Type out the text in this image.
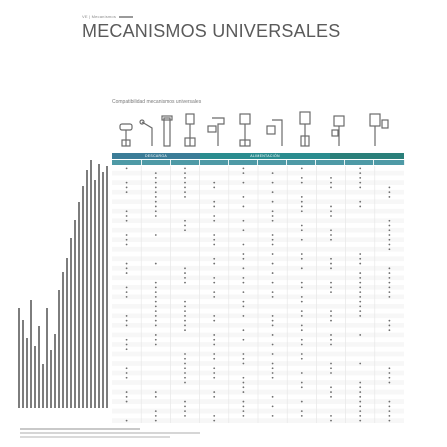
VE | Mecanismos
MECANISMOS UNIVERSALES
Compatibilidad mecanismos universales
DESCARGA	ALIMENTACIÓN
